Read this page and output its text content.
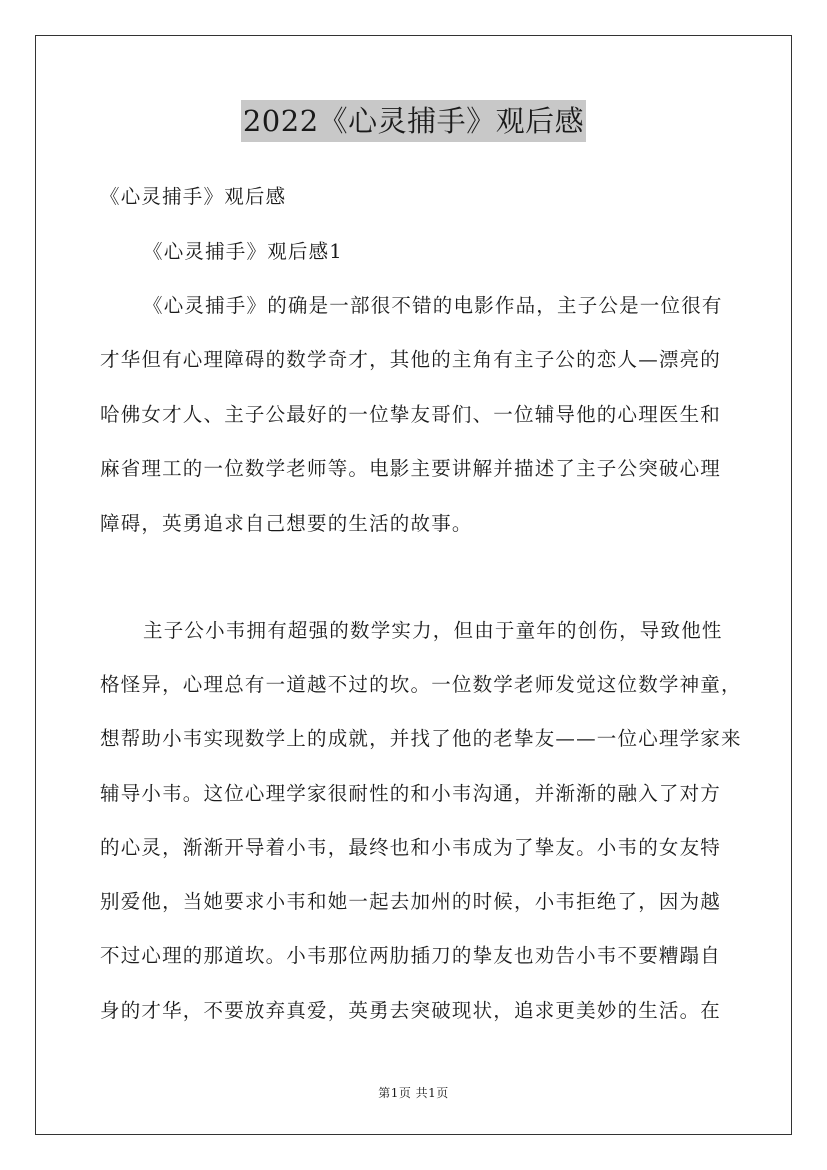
2022《心灵捕手》观后感
《心灵捕手》观后感
《心灵捕手》观后感1
《心灵捕手》的确是一部很不错的电影作品，主子公是一位很有
才华但有心理障碍的数学奇才，其他的主角有主子公的恋人—漂亮的
哈佛女才人、主子公最好的一位挚友哥们、一位辅导他的心理医生和
麻省理工的一位数学老师等。电影主要讲解并描述了主子公突破心理
障碍，英勇追求自己想要的生活的故事。
主子公小韦拥有超强的数学实力，但由于童年的创伤，导致他性
格怪异，心理总有一道越不过的坎。一位数学老师发觉这位数学神童，
想帮助小韦实现数学上的成就，并找了他的老挚友——一位心理学家来
辅导小韦。这位心理学家很耐性的和小韦沟通，并渐渐的融入了对方
的心灵，渐渐开导着小韦，最终也和小韦成为了挚友。小韦的女友特
别爱他，当她要求小韦和她一起去加州的时候，小韦拒绝了，因为越
不过心理的那道坎。小韦那位两肋插刀的挚友也劝告小韦不要糟蹋自
身的才华，不要放弃真爱，英勇去突破现状，追求更美妙的生活。在
第1页 共1页
